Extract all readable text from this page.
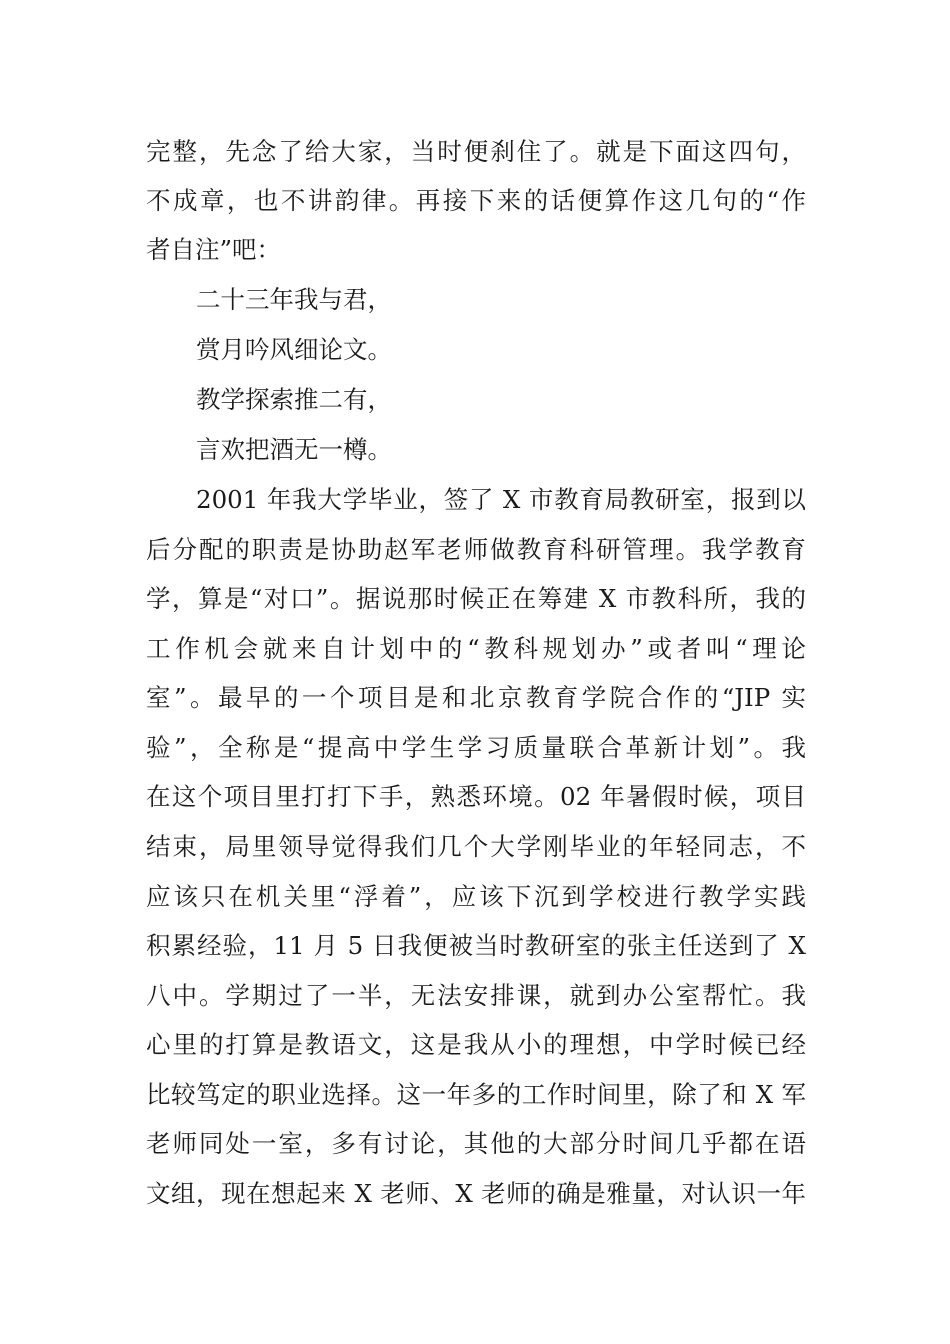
完整，先念了给大家，当时便刹住了。就是下面这四句，
不成章，也不讲韵律。再接下来的话便算作这几句的“作
者自注”吧：
二十三年我与君，
赏月吟风细论文。
教学探索推二有，
言欢把酒无一樽。
2001 年我大学毕业，签了 X 市教育局教研室，报到以
后分配的职责是协助赵军老师做教育科研管理。我学教育
学，算是“对口”。据说那时候正在筹建 X 市教科所，我的
工作机会就来自计划中的“教科规划办”或者叫“理论
室”。最早的一个项目是和北京教育学院合作的“JIP 实
验”，全称是“提高中学生学习质量联合革新计划”。我
在这个项目里打打下手，熟悉环境。02 年暑假时候，项目
结束，局里领导觉得我们几个大学刚毕业的年轻同志，不
应该只在机关里“浮着”，应该下沉到学校进行教学实践
积累经验，11 月 5 日我便被当时教研室的张主任送到了 X
八中。学期过了一半，无法安排课，就到办公室帮忙。我
心里的打算是教语文，这是我从小的理想，中学时候已经
比较笃定的职业选择。这一年多的工作时间里，除了和 X 军
老师同处一室，多有讨论，其他的大部分时间几乎都在语
文组，现在想起来 X 老师、X 老师的确是雅量，对认识一年
